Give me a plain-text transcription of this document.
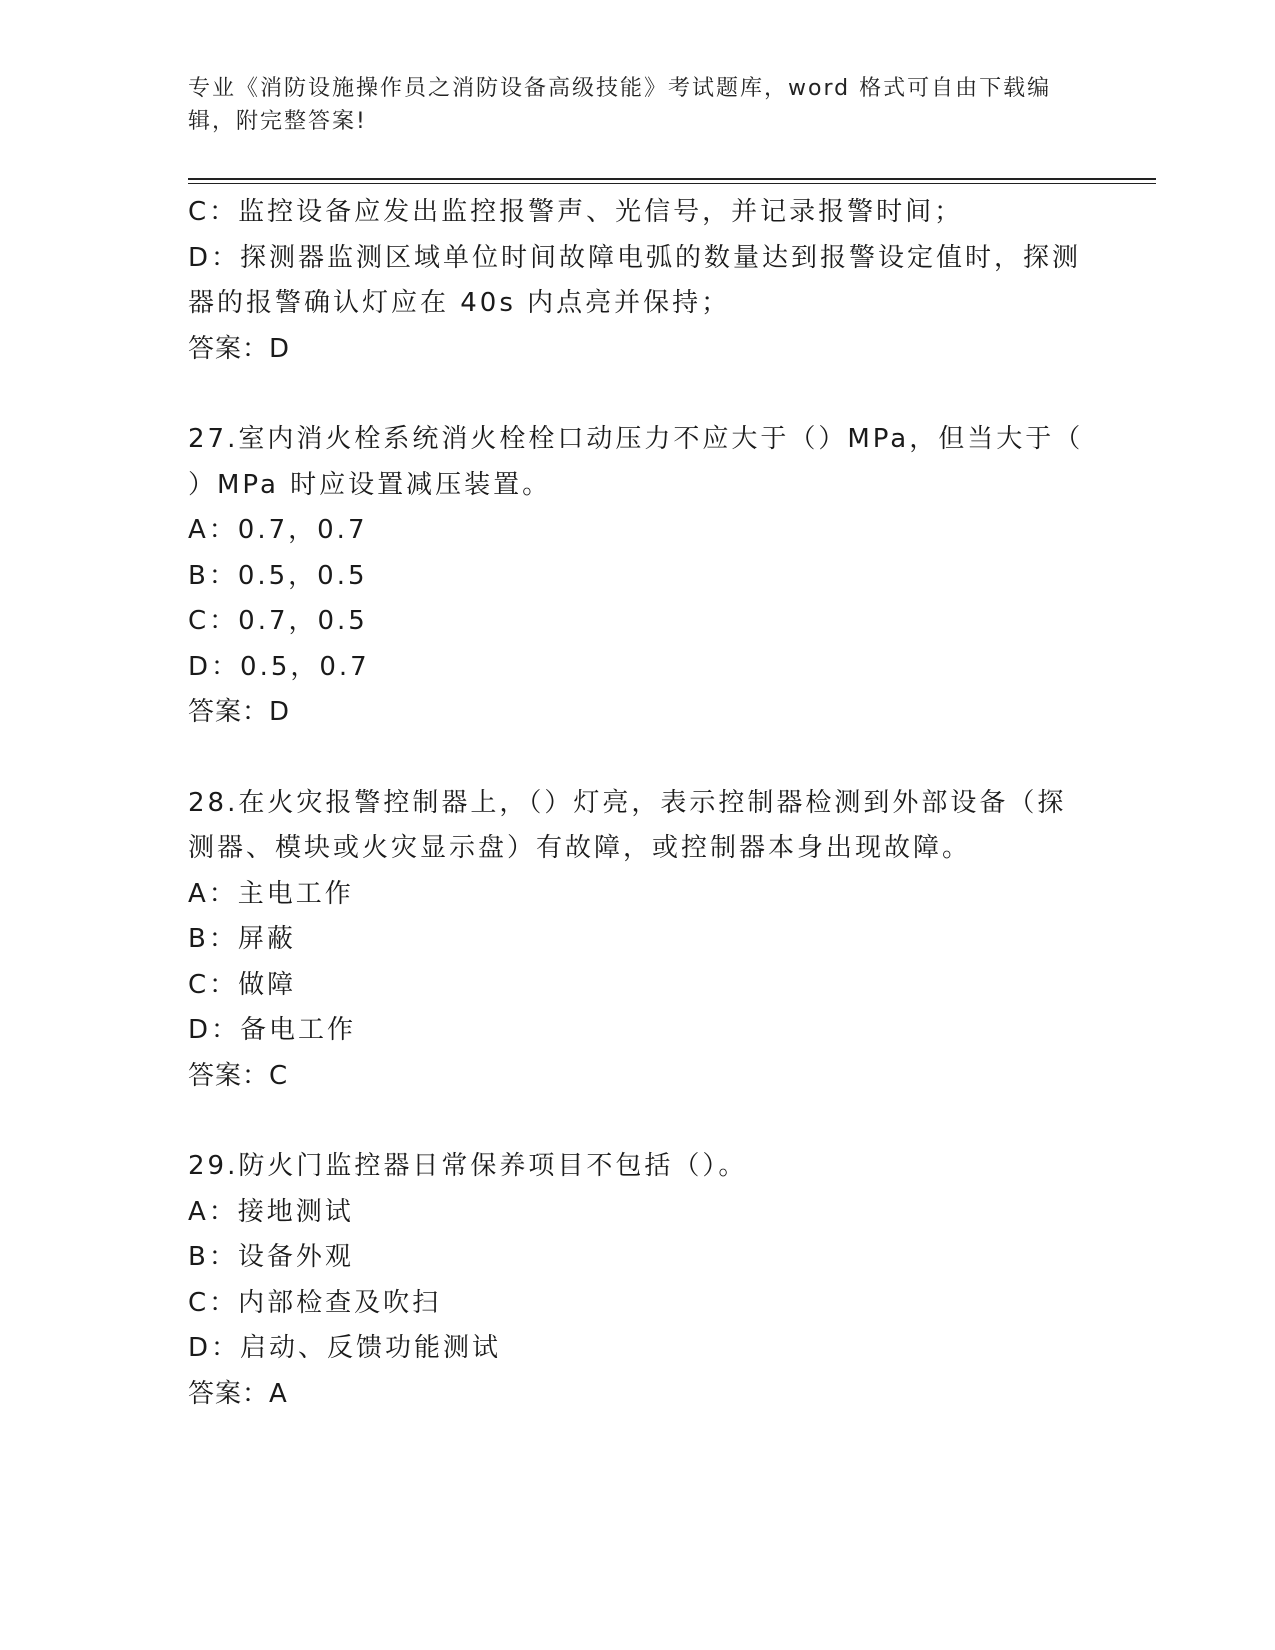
专业《消防设施操作员之消防设备高级技能》考试题库，word 格式可自由下载编
辑，附完整答案!
C：监控设备应发出监控报警声、光信号，并记录报警时间；
D：探测器监测区域单位时间故障电弧的数量达到报警设定值时，探测
器的报警确认灯应在 40s 内点亮并保持；
答案：D
27.室内消火栓系统消火栓栓口动压力不应大于（）MPa，但当大于（
）MPa 时应设置减压装置。
A：0.7，0.7
B：0.5，0.5
C：0.7，0.5
D：0.5，0.7
答案：D
28.在火灾报警控制器上，（）灯亮，表示控制器检测到外部设备（探
测器、模块或火灾显示盘）有故障，或控制器本身出现故障。
A：主电工作
B：屏蔽
C：做障
D：备电工作
答案：C
29.防火门监控器日常保养项目不包括（）。
A：接地测试
B：设备外观
C：内部检查及吹扫
D：启动、反馈功能测试
答案：A
